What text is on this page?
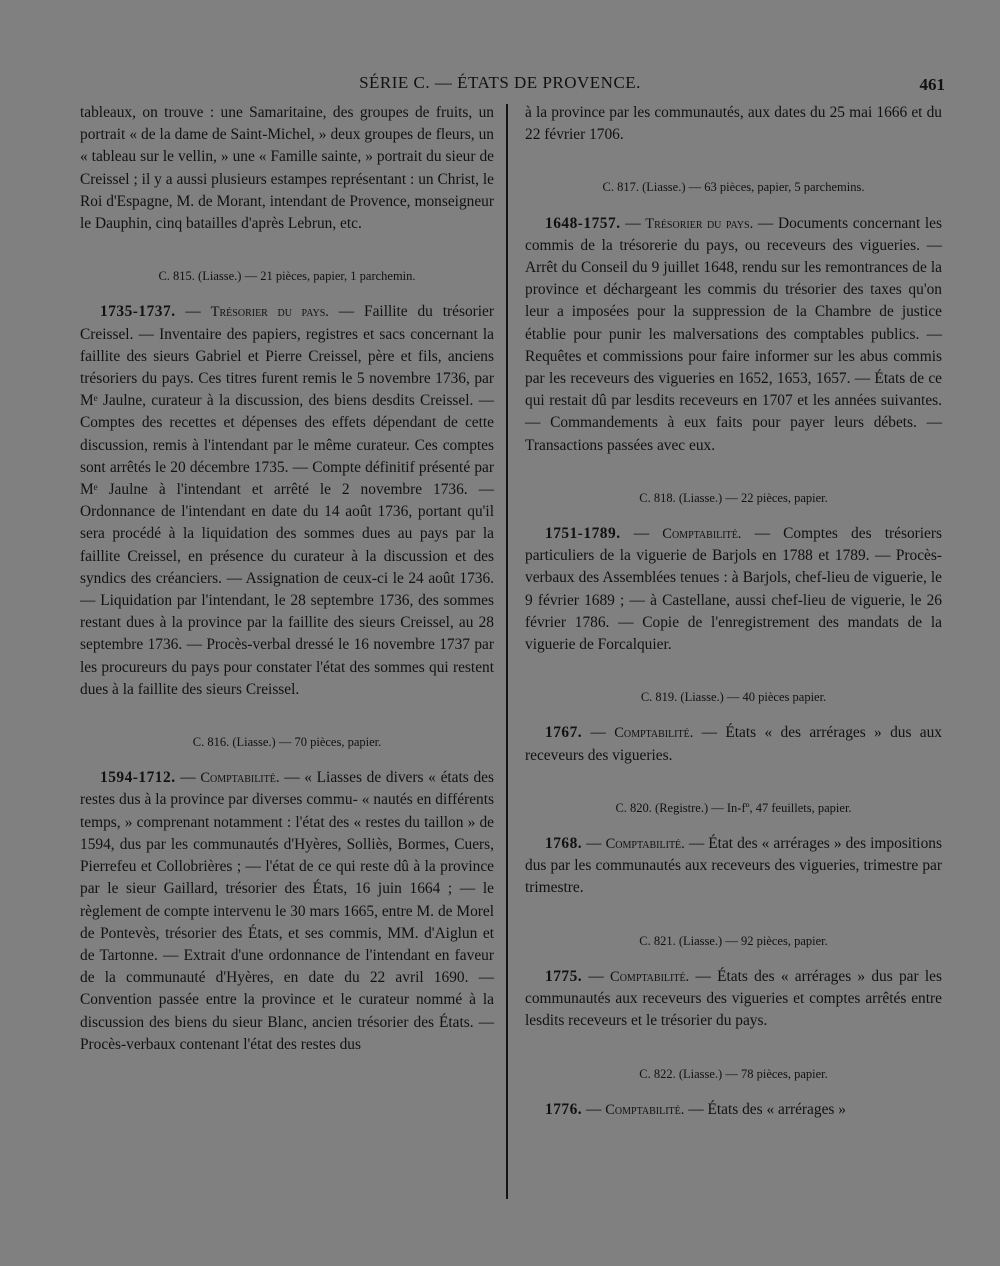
SÉRIE C. — ÉTATS DE PROVENCE.	461

tableaux, on trouve : une Samaritaine, des groupes de fruits, un portrait « de la dame de Saint-Michel, » deux groupes de fleurs, un « tableau sur le vellin, » une « Famille sainte, » portrait du sieur de Creissel ; il y a aussi plusieurs estampes représentant : un Christ, le Roi d'Espagne, M. de Morant, intendant de Provence, monseigneur le Dauphin, cinq batailles d'après Lebrun, etc.

C. 815. (Liasse.) — 21 pièces, papier, 1 parchemin.

1735-1737. — Trésorier du pays. — Faillite du trésorier Creissel. — Inventaire des papiers, registres et sacs concernant la faillite des sieurs Gabriel et Pierre Creissel, père et fils, anciens trésoriers du pays. Ces titres furent remis le 5 novembre 1736, par Mᵉ Jaulne, curateur à la discussion, des biens desdits Creissel. — Comptes des recettes et dépenses des effets dépendant de cette discussion, remis à l'intendant par le même curateur. Ces comptes sont arrêtés le 20 décembre 1735. — Compte définitif présenté par Mᵉ Jaulne à l'intendant et arrêté le 2 novembre 1736. — Ordonnance de l'intendant en date du 14 août 1736, portant qu'il sera procédé à la liquidation des sommes dues au pays par la faillite Creissel, en présence du curateur à la discussion et des syndics des créanciers. — Assignation de ceux-ci le 24 août 1736. — Liquidation par l'intendant, le 28 septembre 1736, des sommes restant dues à la province par la faillite des sieurs Creissel, au 28 septembre 1736. — Procès-verbal dressé le 16 novembre 1737 par les procureurs du pays pour constater l'état des sommes qui restent dues à la faillite des sieurs Creissel.

C. 816. (Liasse.) — 70 pièces, papier.

1594-1712. — Comptabilité. — « Liasses de divers « états des restes dus à la province par diverses commu- « nautés en différents temps, » comprenant notamment : l'état des « restes du taillon » de 1594, dus par les communautés d'Hyères, Solliès, Bormes, Cuers, Pierrefeu et Collobrières ; — l'état de ce qui reste dû à la province par le sieur Gaillard, trésorier des États, 16 juin 1664 ; — le règlement de compte intervenu le 30 mars 1665, entre M. de Morel de Pontevès, trésorier des États, et ses commis, MM. d'Aiglun et de Tartonne. — Extrait d'une ordonnance de l'intendant en faveur de la communauté d'Hyères, en date du 22 avril 1690. — Convention passée entre la province et le curateur nommé à la discussion des biens du sieur Blanc, ancien trésorier des États. — Procès-verbaux contenant l'état des restes dus

à la province par les communautés, aux dates du 25 mai 1666 et du 22 février 1706.

C. 817. (Liasse.) — 63 pièces, papier, 5 parchemins.

1648-1757. — Trésorier du pays. — Documents concernant les commis de la trésorerie du pays, ou receveurs des vigueries. — Arrêt du Conseil du 9 juillet 1648, rendu sur les remontrances de la province et déchargeant les commis du trésorier des taxes qu'on leur a imposées pour la suppression de la Chambre de justice établie pour punir les malversations des comptables publics. — Requêtes et commissions pour faire informer sur les abus commis par les receveurs des vigueries en 1652, 1653, 1657. — États de ce qui restait dû par lesdits receveurs en 1707 et les années suivantes. — Commandements à eux faits pour payer leurs débets. — Transactions passées avec eux.

C. 818. (Liasse.) — 22 pièces, papier.

1751-1789. — Comptabilité. — Comptes des trésoriers particuliers de la viguerie de Barjols en 1788 et 1789. — Procès-verbaux des Assemblées tenues : à Barjols, chef-lieu de viguerie, le 9 février 1689 ; — à Castellane, aussi chef-lieu de viguerie, le 26 février 1786. — Copie de l'enregistrement des mandats de la viguerie de Forcalquier.

C. 819. (Liasse.) — 40 pièces papier.

1767. — Comptabilité. — États « des arrérages » dus aux receveurs des vigueries.

C. 820. (Registre.) — In-fº, 47 feuillets, papier.

1768. — Comptabilité. — État des « arrérages » des impositions dus par les communautés aux receveurs des vigueries, trimestre par trimestre.

C. 821. (Liasse.) — 92 pièces, papier.

1775. — Comptabilité. — États des « arrérages » dus par les communautés aux receveurs des vigueries et comptes arrêtés entre lesdits receveurs et le trésorier du pays.

C. 822. (Liasse.) — 78 pièces, papier.

1776. — Comptabilité. — États des « arrérages »
